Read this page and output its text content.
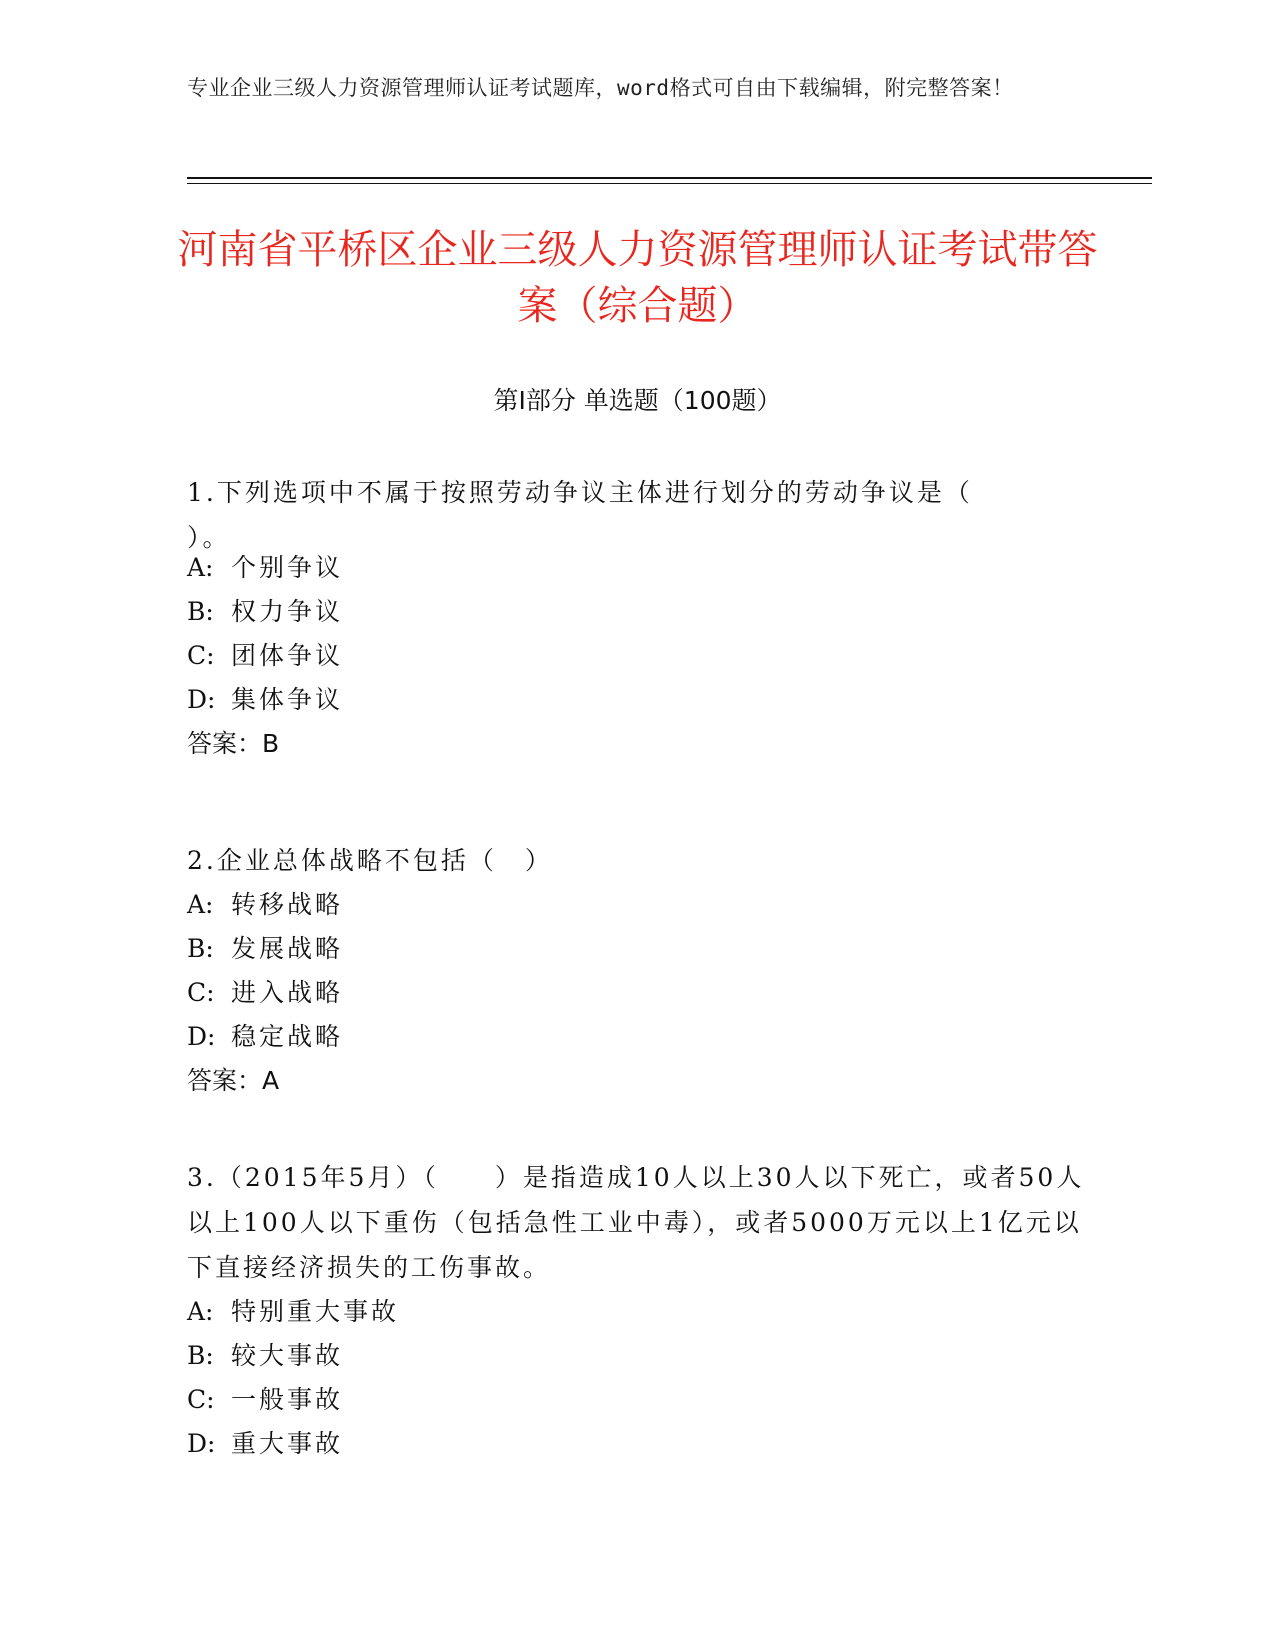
专业企业三级人力资源管理师认证考试题库，word格式可自由下载编辑，附完整答案！
河南省平桥区企业三级人力资源管理师认证考试带答案（综合题）
第I部分 单选题（100题）
1.下列选项中不属于按照劳动争议主体进行划分的劳动争议是（ ）。
A: 个别争议
B: 权力争议
C: 团体争议
D: 集体争议
答案：B
2.企业总体战略不包括（　）
A: 转移战略
B: 发展战略
C: 进入战略
D: 稳定战略
答案：A
3.（2015年5月）（　　）是指造成10人以上30人以下死亡，或者50人以上100人以下重伤（包括急性工业中毒），或者5000万元以上1亿元以下直接经济损失的工伤事故。
A: 特别重大事故
B: 较大事故
C: 一般事故
D: 重大事故
